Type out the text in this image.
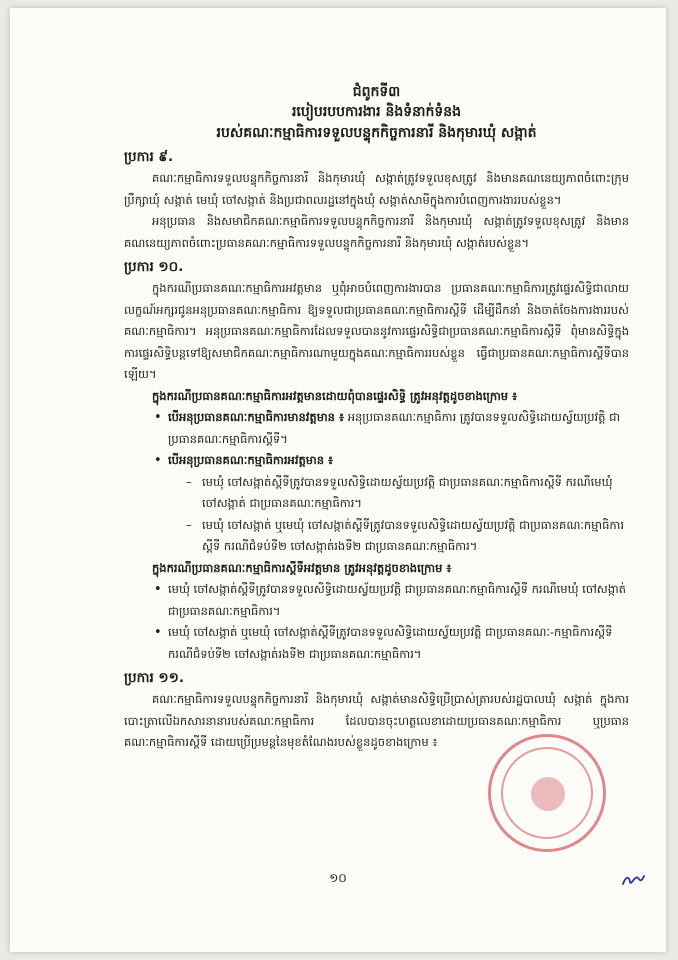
ជំពូកទី៣
របៀបរបបការងារ និងទំនាក់ទំនង
របស់គណៈកម្មាធិការទទួលបន្ទុកកិច្ចការនារី និងកុមារឃុំ សង្កាត់
ប្រការ ៩.

គណៈកម្មាធិការទទួលបន្ទុកកិច្ចការនារី និងកុមារឃុំ សង្កាត់ត្រូវទទួលខុសត្រូវ និងមានគណនេយ្យភាពចំពោះក្រុមប្រឹក្សាឃុំ សង្កាត់ មេឃុំ ចៅសង្កាត់ និងប្រជាពលរដ្ឋនៅក្នុងឃុំ សង្កាត់សាមីក្នុងការបំពេញការងាររបស់ខ្លួន។

អនុប្រធាន និងសមាជិកគណៈកម្មាធិការទទួលបន្ទុកកិច្ចការនារី និងកុមារឃុំ សង្កាត់ត្រូវទទួលខុសត្រូវ និងមានគណនេយ្យភាពចំពោះប្រធានគណៈកម្មាធិការទទួលបន្ទុកកិច្ចការនារី និងកុមារឃុំ សង្កាត់របស់ខ្លួន។

ប្រការ ១០.

ក្នុងករណីប្រធានគណៈកម្មាធិការអវត្តមាន ឬពុំអាចបំពេញការងារបាន ប្រធានគណៈកម្មាធិការត្រូវផ្ទេរសិទ្ធិជាលាយលក្ខណ៍អក្សរជូនអនុប្រធានគណៈកម្មាធិការ ឱ្យទទួលជាប្រធានគណៈកម្មាធិការស្ដីទី ដើម្បីដឹកនាំ និងចាត់ចែងការងាររបស់គណៈកម្មាធិការ។ អនុប្រធានគណៈកម្មាធិការដែលទទួលបាននូវការផ្ទេរសិទ្ធិជាប្រធានគណៈកម្មាធិការស្ដីទី ពុំមានសិទ្ធិក្នុងការផ្ទេរសិទ្ធិបន្តទៅឱ្យសមាជិកគណៈកម្មាធិការណាមួយក្នុងគណៈកម្មាធិការរបស់ខ្លួន ធ្វើជាប្រធានគណៈកម្មាធិការស្ដីទីបានឡើយ។

ក្នុងករណីប្រធានគណៈកម្មាធិការអវត្តមានដោយពុំបានផ្ទេរសិទ្ធិ ត្រូវអនុវត្តដូចខាងក្រោម ៖
• បើអនុប្រធានគណៈកម្មាធិការមានវត្តមាន ៖ អនុប្រធានគណៈកម្មាធិការ ត្រូវបានទទួលសិទ្ធិដោយស្វ័យប្រវត្តិ ជាប្រធានគណៈកម្មាធិការស្ដីទី។
• បើអនុប្រធានគណៈកម្មាធិការអវត្តមាន ៖
– មេឃុំ ចៅសង្កាត់ស្ដីទីត្រូវបានទទួលសិទ្ធិដោយស្វ័យប្រវត្តិ ជាប្រធានគណៈកម្មាធិការស្ដីទី ករណីមេឃុំ ចៅសង្កាត់ ជាប្រធានគណៈកម្មាធិការ។
– មេឃុំ ចៅសង្កាត់ ឬមេឃុំ ចៅសង្កាត់ស្ដីទីត្រូវបានទទួលសិទ្ធិដោយស្វ័យប្រវត្តិ ជាប្រធានគណៈកម្មាធិការស្ដីទី ករណីជំទប់ទី២ ចៅសង្កាត់រងទី២ ជាប្រធានគណៈកម្មាធិការ។
ក្នុងករណីប្រធានគណៈកម្មាធិការស្ដីទីអវត្តមាន ត្រូវអនុវត្តដូចខាងក្រោម ៖
• មេឃុំ ចៅសង្កាត់ស្ដីទីត្រូវបានទទួលសិទ្ធិដោយស្វ័យប្រវត្តិ ជាប្រធានគណៈកម្មាធិការស្ដីទី ករណីមេឃុំ ចៅសង្កាត់ ជាប្រធានគណៈកម្មាធិការ។
• មេឃុំ ចៅសង្កាត់ ឬមេឃុំ ចៅសង្កាត់ស្ដីទីត្រូវបានទទួលសិទ្ធិដោយស្វ័យប្រវត្តិ ជាប្រធានគណៈ-កម្មាធិការស្ដីទី ករណីជំទប់ទី២ ចៅសង្កាត់រងទី២ ជាប្រធានគណៈកម្មាធិការ។
ប្រការ ១១.

គណៈកម្មាធិការទទួលបន្ទុកកិច្ចការនារី និងកុមារឃុំ សង្កាត់មានសិទ្ធិប្រើប្រាស់ត្រារបស់រដ្ឋបាលឃុំ សង្កាត់ ក្នុងការបោះត្រាលើឯកសារនានារបស់គណៈកម្មាធិការ ដែលបានចុះហត្ថលេខាដោយប្រធានគណៈកម្មាធិការ ឬប្រធានគណៈកម្មាធិការស្ដីទី ដោយប្រើប្រមន្តនៃមុខតំណែងរបស់ខ្លួនដូចខាងក្រោម ៖

១០
